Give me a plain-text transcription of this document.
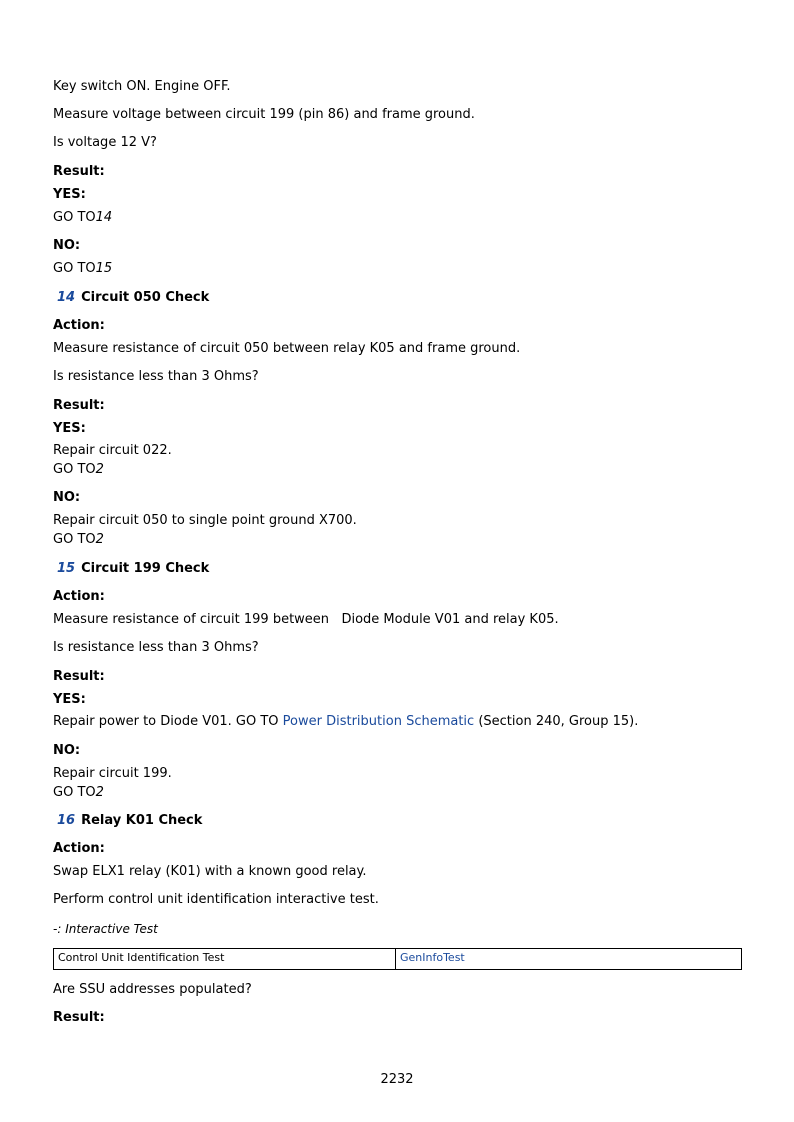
Key switch ON. Engine OFF.

Measure voltage between circuit 199 (pin 86) and frame ground.

Is voltage 12 V?

Result:

YES:

GO TO14

NO:

GO TO15

14 Circuit 050 Check

Action:

Measure resistance of circuit 050 between relay K05 and frame ground.

Is resistance less than 3 Ohms?

Result:

YES:

Repair circuit 022.

GO TO2

NO:

Repair circuit 050 to single point ground X700.

GO TO2

15 Circuit 199 Check

Action:

Measure resistance of circuit 199 between   Diode Module V01 and relay K05.

Is resistance less than 3 Ohms?

Result:

YES:

Repair power to Diode V01. GO TO Power Distribution Schematic (Section 240, Group 15).

NO:

Repair circuit 199.

GO TO2

16 Relay K01 Check

Action:

Swap ELX1 relay (K01) with a known good relay.

Perform control unit identification interactive test.

-: Interactive Test

Control Unit Identification Test	GenInfoTest

Are SSU addresses populated?

Result:

2232
